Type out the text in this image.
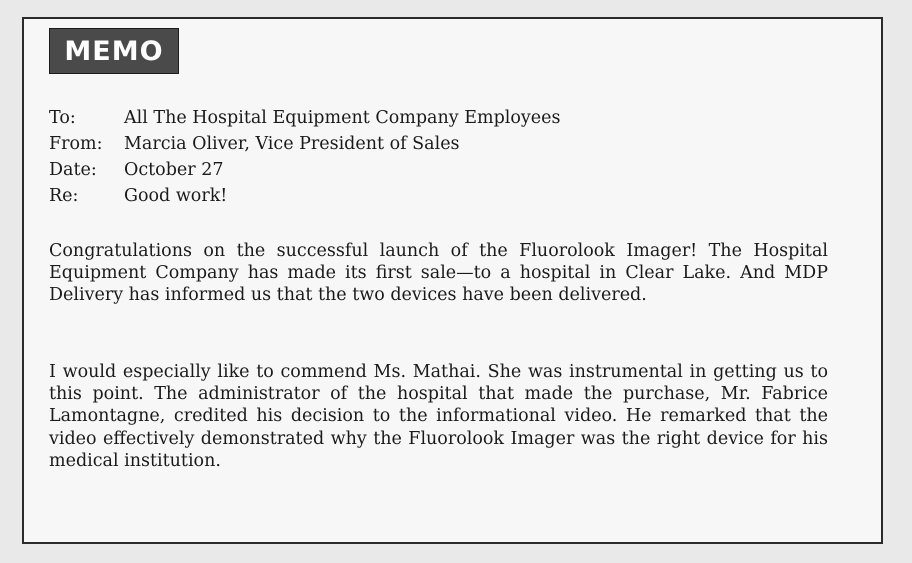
MEMO
To:	All The Hospital Equipment Company Employees
From:	Marcia Oliver, Vice President of Sales
Date:	October 27
Re:	Good work!

Congratulations on the successful launch of the Fluorolook Imager! The Hospital Equipment Company has made its first sale—to a hospital in Clear Lake. And MDP Delivery has informed us that the two devices have been delivered.

I would especially like to commend Ms. Mathai. She was instrumental in getting us to this point. The administrator of the hospital that made the purchase, Mr. Fabrice Lamontagne, credited his decision to the informational video. He remarked that the video effectively demonstrated why the Fluorolook Imager was the right device for his medical institution.
